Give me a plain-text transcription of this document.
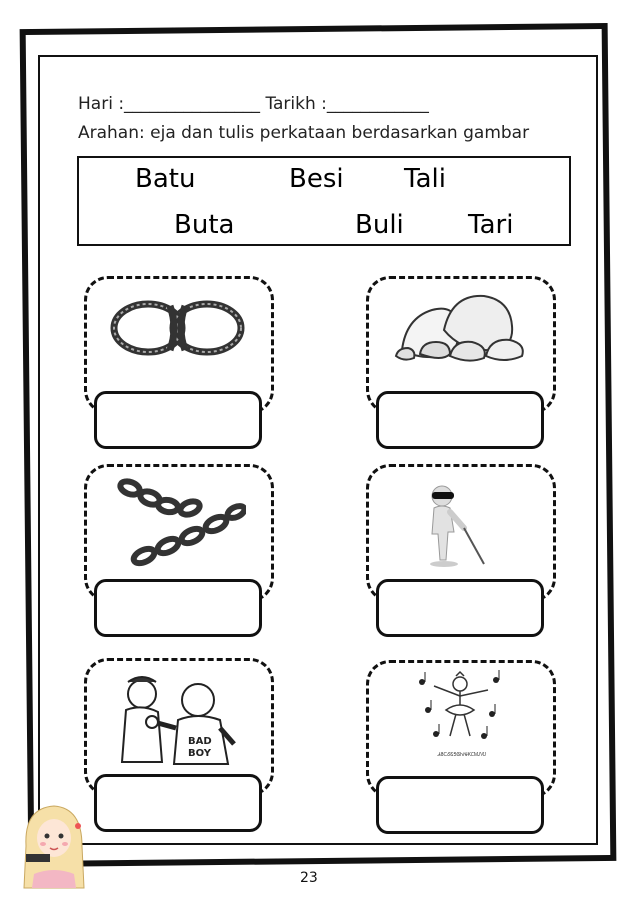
Hari :________________ Tarikh :____________
Arahan: eja dan tulis perkataan berdasarkan gambar
Batu	Besi Tali
Buta	Buli Tari
BAD
BOY	ᏗᏰᏟᎴᏋᎦᎶᏂᎥᏠᏦᏝᎷᏁᎧ
23
